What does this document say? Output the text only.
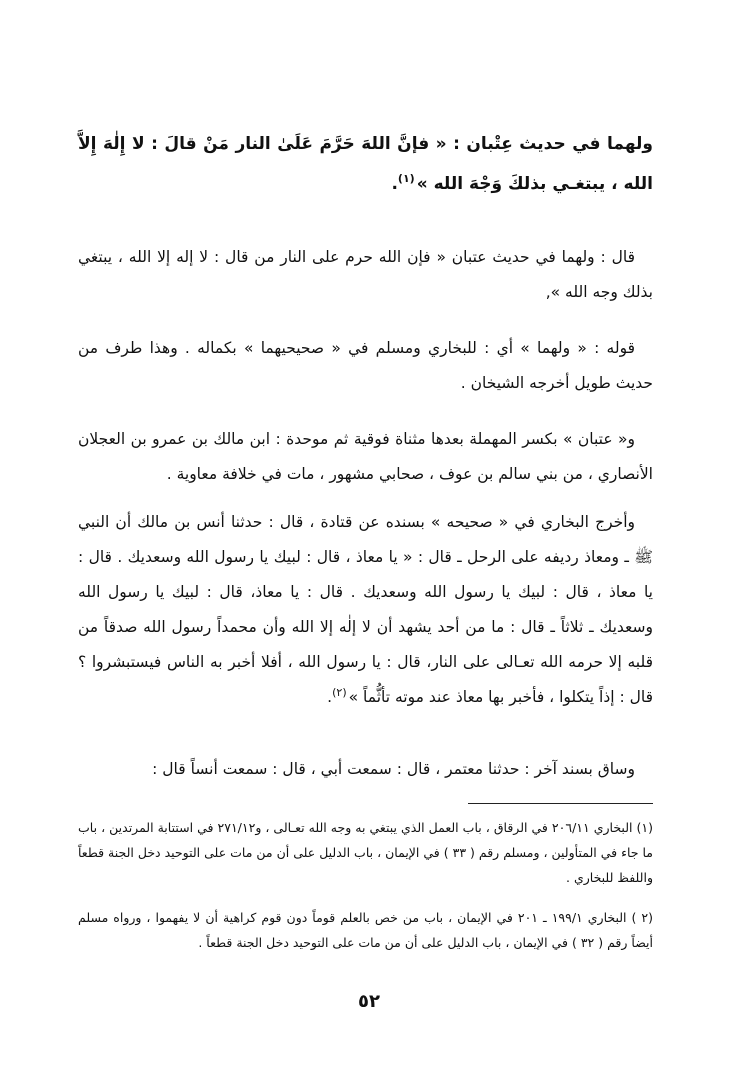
ولهما في حديث عِتْبان : « فإنَّ اللهَ حَرَّمَ عَلَىٰ النار مَنْ قالَ : لا إِلٰهَ إِلاَّ الله ، يبتغـي بذلكَ وَجْهَ الله »$^{(١)}$.
قال : ولهما في حديث عتبان « فإن الله حرم على النار من قال : لا إله إلا الله ، يبتغي بذلك وجه الله »,
قوله : « ولهما » أي : للبخاري ومسلم في « صحيحيهما » بكماله . وهذا طرف من حديث طويل أخرجه الشيخان .
و« عتبان » بكسر المهملة بعدها مثناة فوقية ثم موحدة : ابن مالك بن عمرو بن العجلان الأنصاري ، من بني سالم بن عوف ، صحابي مشهور ، مات في خلافة معاوية .
وأخرج البخاري في « صحيحه » بسنده عن قتادة ، قال : حدثنا أنس بن مالك أن النبي ﷺ ـ ومعاذ رديفه على الرحل ـ قال : « يا معاذ ، قال : لبيك يا رسول الله وسعديك . قال : يا معاذ ، قال : لبيك يا رسول الله وسعديك . قال : يا معاذ، قال : لبيك يا رسول الله وسعديك ـ ثلاثاً ـ قال : ما من أحد يشهد أن لا إلٰه إلا الله وأن محمداً رسول الله صدقاً من قلبه إلا حرمه الله تعـالى على النار، قال : يا رسول الله ، أفلا أخبر به الناس فيستبشروا ؟ قال : إذاً يتكلوا ، فأخبر بها معاذ عند موته تأثُّماً »$^{(٢)}$.
وساق بسند آخر : حدثنا معتمر ، قال : سمعت أبي ، قال : سمعت أنساً قال :
(١) البخاري ٢٠٦/١١ في الرقاق ، باب العمل الذي يبتغي به وجه الله تعـالى ، و٢٧١/١٢ في استتابة المرتدين ، باب ما جاء في المتأولين ، ومسلم رقم ( ٣٣ ) في الإيمان ، باب الدليل على أن من مات على التوحيد دخل الجنة قطعاً واللفظ للبخاري .
(٢ ) البخاري ١٩٩/١ ـ ٢٠١ في الإيمان ، باب من خص بالعلم قوماً دون قوم كراهية أن لا يفهموا ، ورواه مسلم أيضاً رقم ( ٣٢ ) في الإيمان ، باب الدليل على أن من مات على التوحيد دخل الجنة قطعاً .
٥٢
